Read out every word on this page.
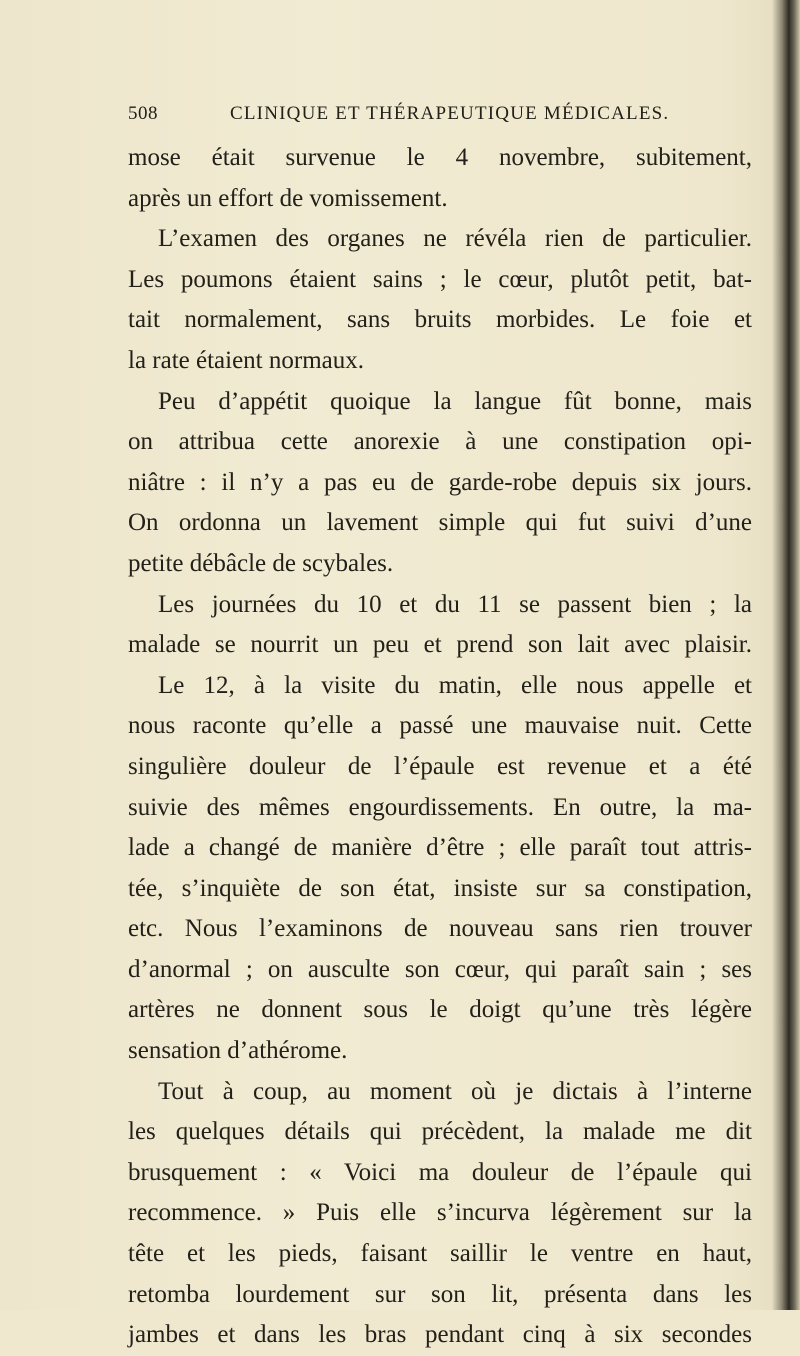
508	CLINIQUE ET THÉRAPEUTIQUE MÉDICALES.
mose était survenue le 4 novembre, subitement,
après un effort de vomissement.
L’examen des organes ne révéla rien de particulier.
Les poumons étaient sains ; le cœur, plutôt petit, bat-
tait normalement, sans bruits morbides. Le foie et
la rate étaient normaux.
Peu d’appétit quoique la langue fût bonne, mais
on attribua cette anorexie à une constipation opi-
niâtre : il n’y a pas eu de garde-robe depuis six jours.
On ordonna un lavement simple qui fut suivi d’une
petite débâcle de scybales.
Les journées du 10 et du 11 se passent bien ; la
malade se nourrit un peu et prend son lait avec plaisir.
Le 12, à la visite du matin, elle nous appelle et
nous raconte qu’elle a passé une mauvaise nuit. Cette
singulière douleur de l’épaule est revenue et a été
suivie des mêmes engourdissements. En outre, la ma-
lade a changé de manière d’être ; elle paraît tout attris-
tée, s’inquiète de son état, insiste sur sa constipation,
etc. Nous l’examinons de nouveau sans rien trouver
d’anormal ; on ausculte son cœur, qui paraît sain ; ses
artères ne donnent sous le doigt qu’une très légère
sensation d’athérome.
Tout à coup, au moment où je dictais à l’interne
les quelques détails qui précèdent, la malade me dit
brusquement : « Voici ma douleur de l’épaule qui
recommence. » Puis elle s’incurva légèrement sur la
tête et les pieds, faisant saillir le ventre en haut,
retomba lourdement sur son lit, présenta dans les
jambes et dans les bras pendant cinq à six secondes
